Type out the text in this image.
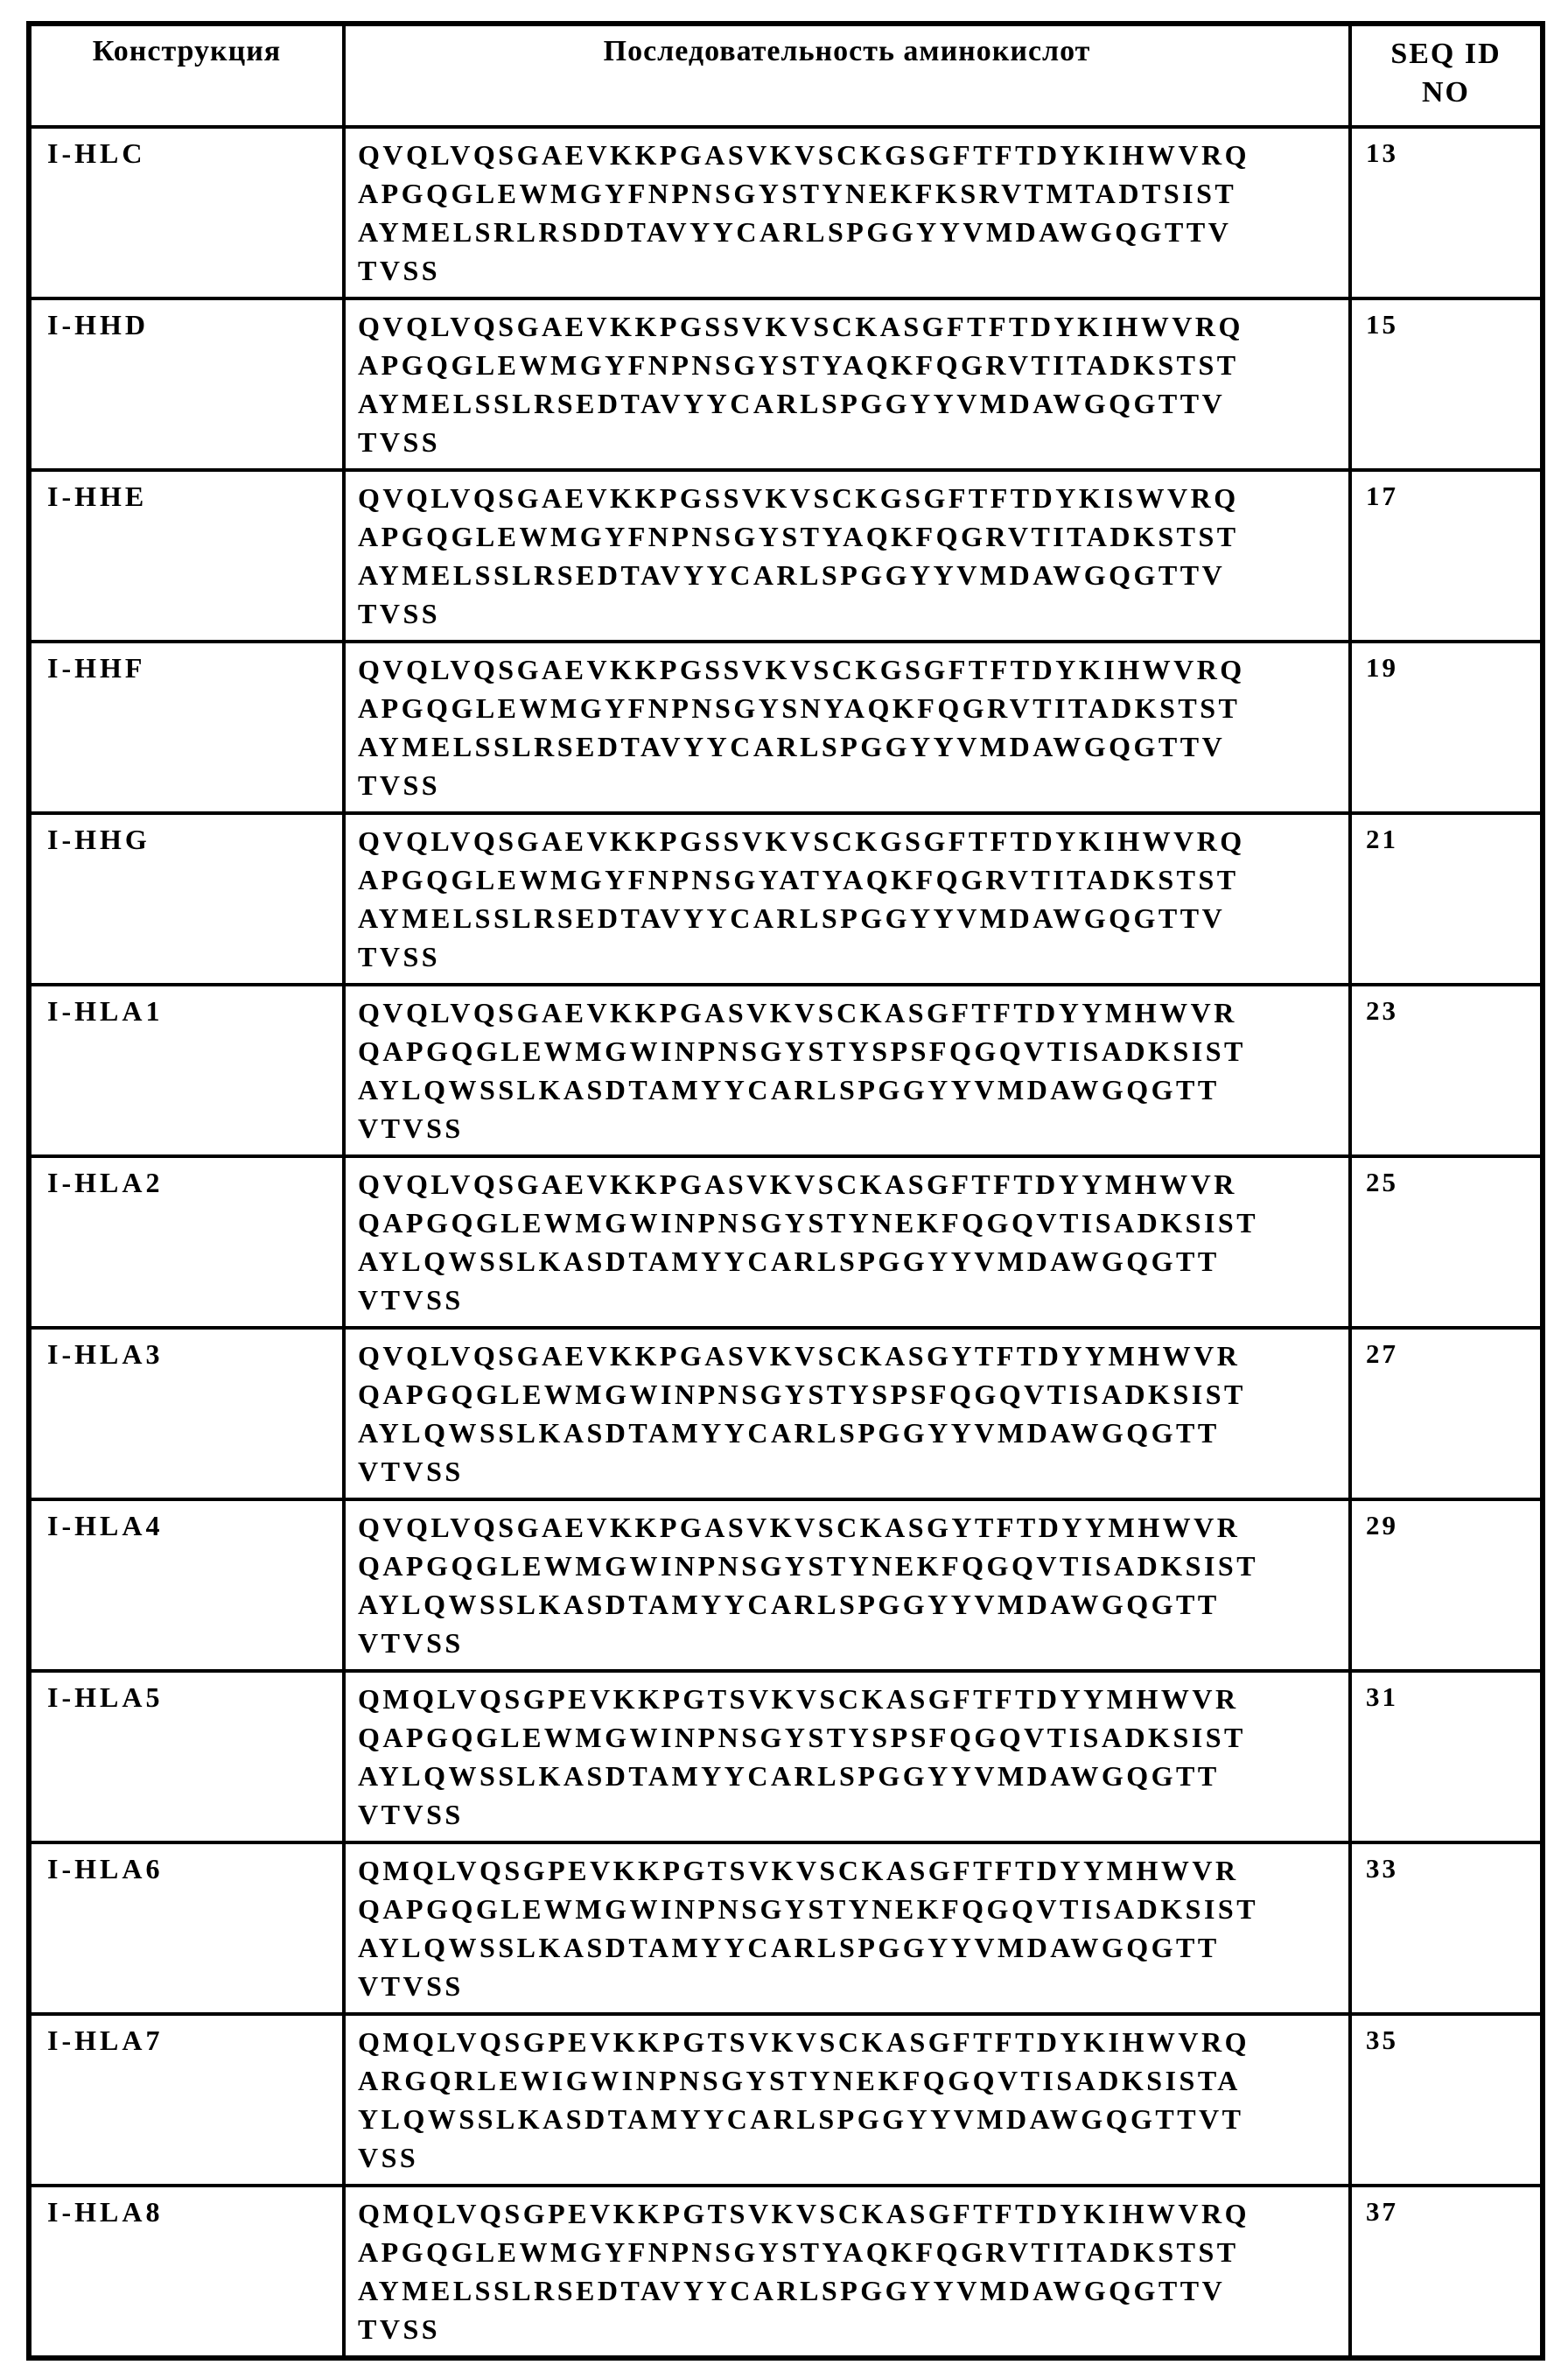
Конструкция	Последовательность аминокислот	SEQ ID
NO

I-HLC	QVQLVQSGAEVKKPGASVKVSCKGSGFTFTDYKIHWVRQ
APGQGLEWMGYFNPNSGYSTYNEKFKSRVTMTADTSIST
AYMELSRLRSDDTAVYYCARLSPGGYYVMDAWGQGTTV
TVSS	13
I-HHD	QVQLVQSGAEVKKPGSSVKVSCKASGFTFTDYKIHWVRQ
APGQGLEWMGYFNPNSGYSTYAQKFQGRVTITADKSTST
AYMELSSLRSEDTAVYYCARLSPGGYYVMDAWGQGTTV
TVSS	15
I-HHE	QVQLVQSGAEVKKPGSSVKVSCKGSGFTFTDYKISWVRQ
APGQGLEWMGYFNPNSGYSTYAQKFQGRVTITADKSTST
AYMELSSLRSEDTAVYYCARLSPGGYYVMDAWGQGTTV
TVSS	17
I-HHF	QVQLVQSGAEVKKPGSSVKVSCKGSGFTFTDYKIHWVRQ
APGQGLEWMGYFNPNSGYSNYAQKFQGRVTITADKSTST
AYMELSSLRSEDTAVYYCARLSPGGYYVMDAWGQGTTV
TVSS	19
I-HHG	QVQLVQSGAEVKKPGSSVKVSCKGSGFTFTDYKIHWVRQ
APGQGLEWMGYFNPNSGYATYAQKFQGRVTITADKSTST
AYMELSSLRSEDTAVYYCARLSPGGYYVMDAWGQGTTV
TVSS	21
I-HLA1	QVQLVQSGAEVKKPGASVKVSCKASGFTFTDYYMHWVR
QAPGQGLEWMGWINPNSGYSTYSPSFQGQVTISADKSIST
AYLQWSSLKASDTAMYYCARLSPGGYYVMDAWGQGTT
VTVSS	23
I-HLA2	QVQLVQSGAEVKKPGASVKVSCKASGFTFTDYYMHWVR
QAPGQGLEWMGWINPNSGYSTYNEKFQGQVTISADKSIST
AYLQWSSLKASDTAMYYCARLSPGGYYVMDAWGQGTT
VTVSS	25
I-HLA3	QVQLVQSGAEVKKPGASVKVSCKASGYTFTDYYMHWVR
QAPGQGLEWMGWINPNSGYSTYSPSFQGQVTISADKSIST
AYLQWSSLKASDTAMYYCARLSPGGYYVMDAWGQGTT
VTVSS	27
I-HLA4	QVQLVQSGAEVKKPGASVKVSCKASGYTFTDYYMHWVR
QAPGQGLEWMGWINPNSGYSTYNEKFQGQVTISADKSIST
AYLQWSSLKASDTAMYYCARLSPGGYYVMDAWGQGTT
VTVSS	29
I-HLA5	QMQLVQSGPEVKKPGTSVKVSCKASGFTFTDYYMHWVR
QAPGQGLEWMGWINPNSGYSTYSPSFQGQVTISADKSIST
AYLQWSSLKASDTAMYYCARLSPGGYYVMDAWGQGTT
VTVSS	31
I-HLA6	QMQLVQSGPEVKKPGTSVKVSCKASGFTFTDYYMHWVR
QAPGQGLEWMGWINPNSGYSTYNEKFQGQVTISADKSIST
AYLQWSSLKASDTAMYYCARLSPGGYYVMDAWGQGTT
VTVSS	33
I-HLA7	QMQLVQSGPEVKKPGTSVKVSCKASGFTFTDYKIHWVRQ
ARGQRLEWIGWINPNSGYSTYNEKFQGQVTISADKSISTA
YLQWSSLKASDTAMYYCARLSPGGYYVMDAWGQGTTVT
VSS	35
I-HLA8	QMQLVQSGPEVKKPGTSVKVSCKASGFTFTDYKIHWVRQ
APGQGLEWMGYFNPNSGYSTYAQKFQGRVTITADKSTST
AYMELSSLRSEDTAVYYCARLSPGGYYVMDAWGQGTTV
TVSS	37
